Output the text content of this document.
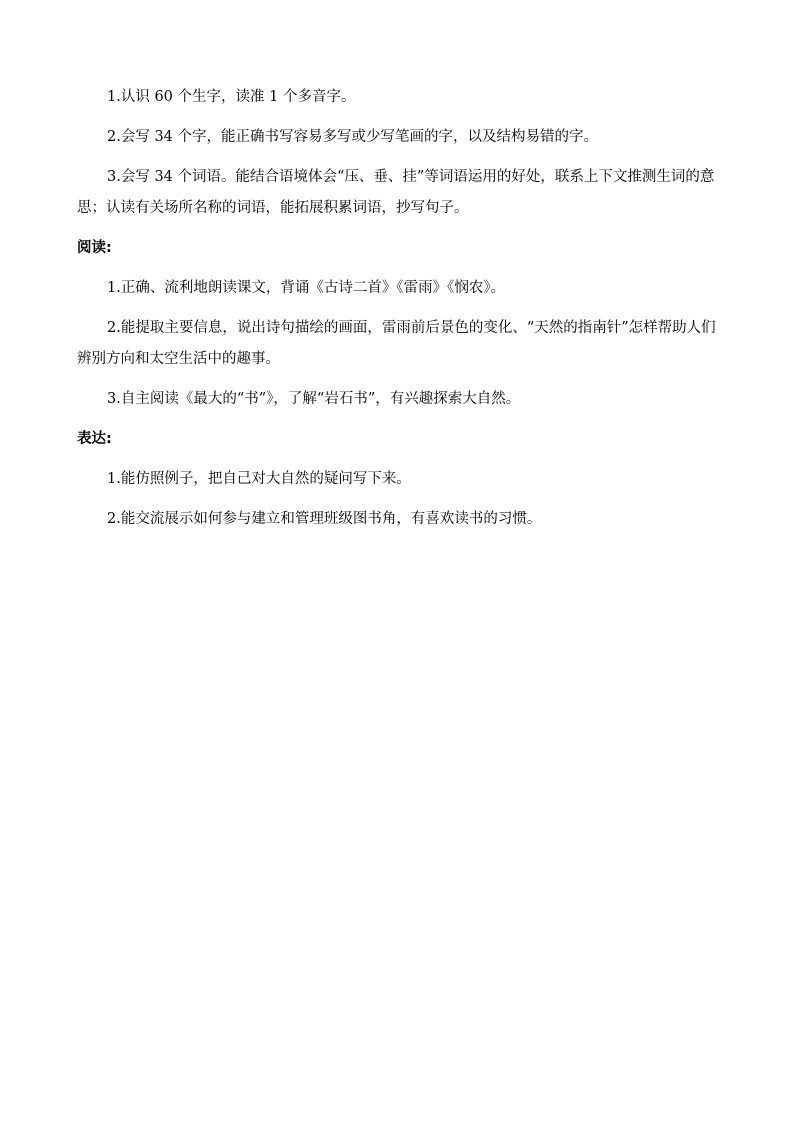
1.认识 60 个生字，读准 1 个多音字。

2.会写 34 个字，能正确书写容易多写或少写笔画的字，以及结构易错的字。

3.会写 34 个词语。能结合语境体会“压、垂、挂”等词语运用的好处，联系上下文推测生词的意思；认读有关场所名称的词语，能拓展积累词语，抄写句子。

阅读:

1.正确、流利地朗读课文，背诵《古诗二首》《雷雨》《悯农》。

2.能提取主要信息，说出诗句描绘的画面，雷雨前后景色的变化、“天然的指南针”怎样帮助人们辨别方向和太空生活中的趣事。

3.自主阅读《最大的“书”》，了解“岩石书”，有兴趣探索大自然。

表达:

1.能仿照例子，把自己对大自然的疑问写下来。

2.能交流展示如何参与建立和管理班级图书角，有喜欢读书的习惯。
